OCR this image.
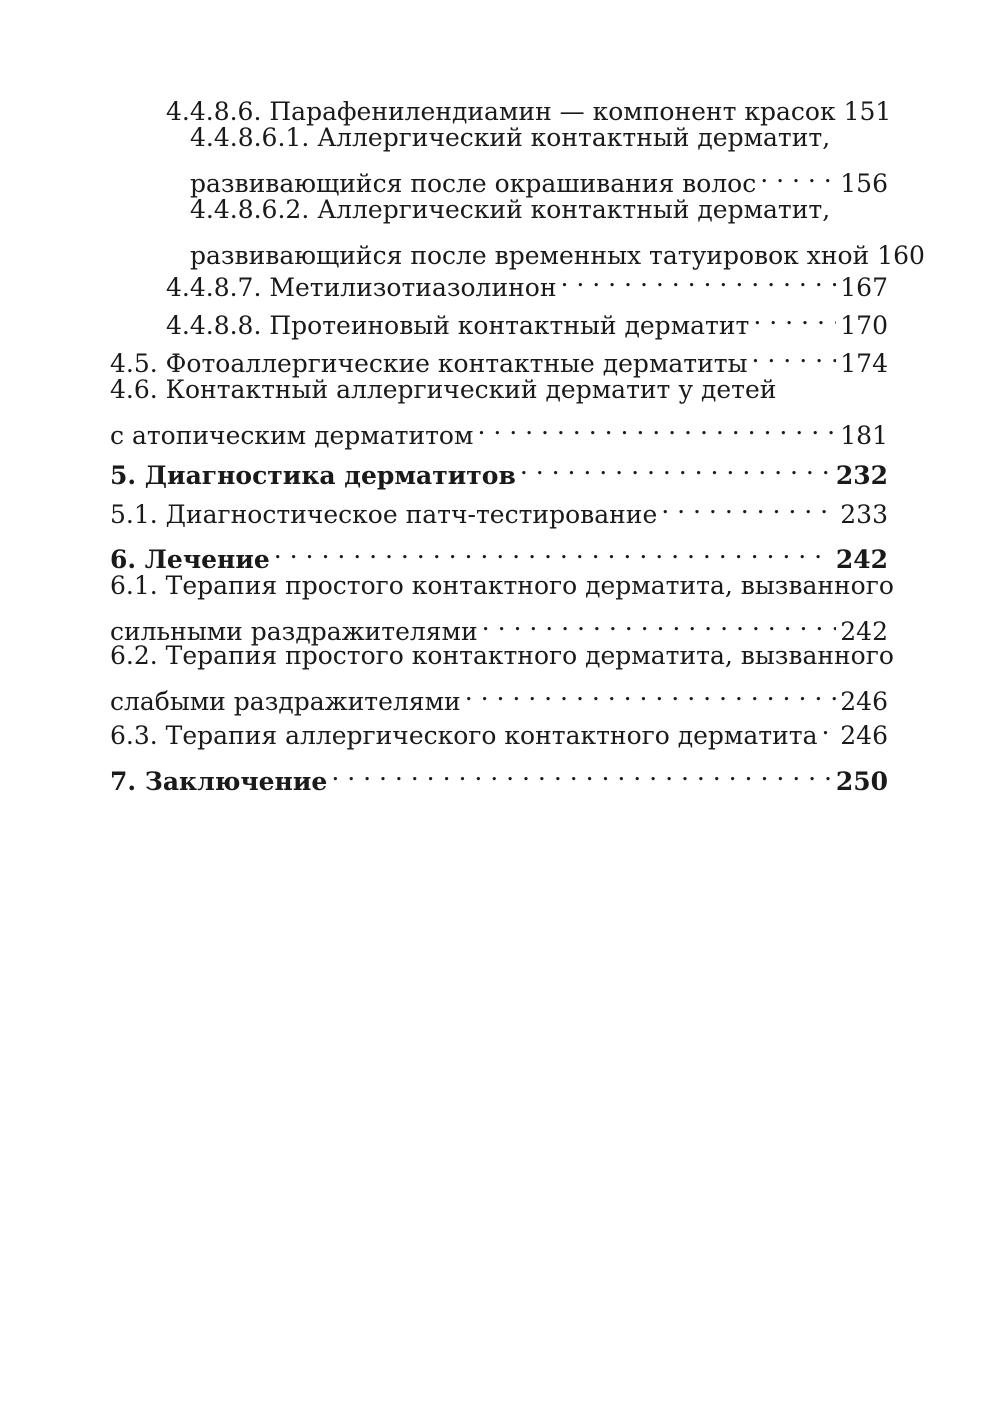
4.4.8.6. Парафенилендиамин — компонент красок 151
4.4.8.6.1. Аллергический контактный дерматит,
развивающийся после окрашивания волос . . .	156
4.4.8.6.2. Аллергический контактный дерматит,
развивающийся после временных татуировок хной 160
4.4.8.7. Метилизотиазолинон . . .	167
4.4.8.8. Протеиновый контактный дерматит . . .	170
4.5. Фотоаллергические контактные дерматиты . . .	174
4.6. Контактный аллергический дерматит у детей
с атопическим дерматитом . . .	181
5. Диагностика дерматитов . . .	232
5.1. Диагностическое патч-тестирование . . .	233
6. Лечение . . .	242
6.1. Терапия простого контактного дерматита, вызванного
сильными раздражителями . . .	242
6.2. Терапия простого контактного дерматита, вызванного
слабыми раздражителями . . .	246
6.3. Терапия аллергического контактного дерматита . . . 246
7. Заключение . . .	250
